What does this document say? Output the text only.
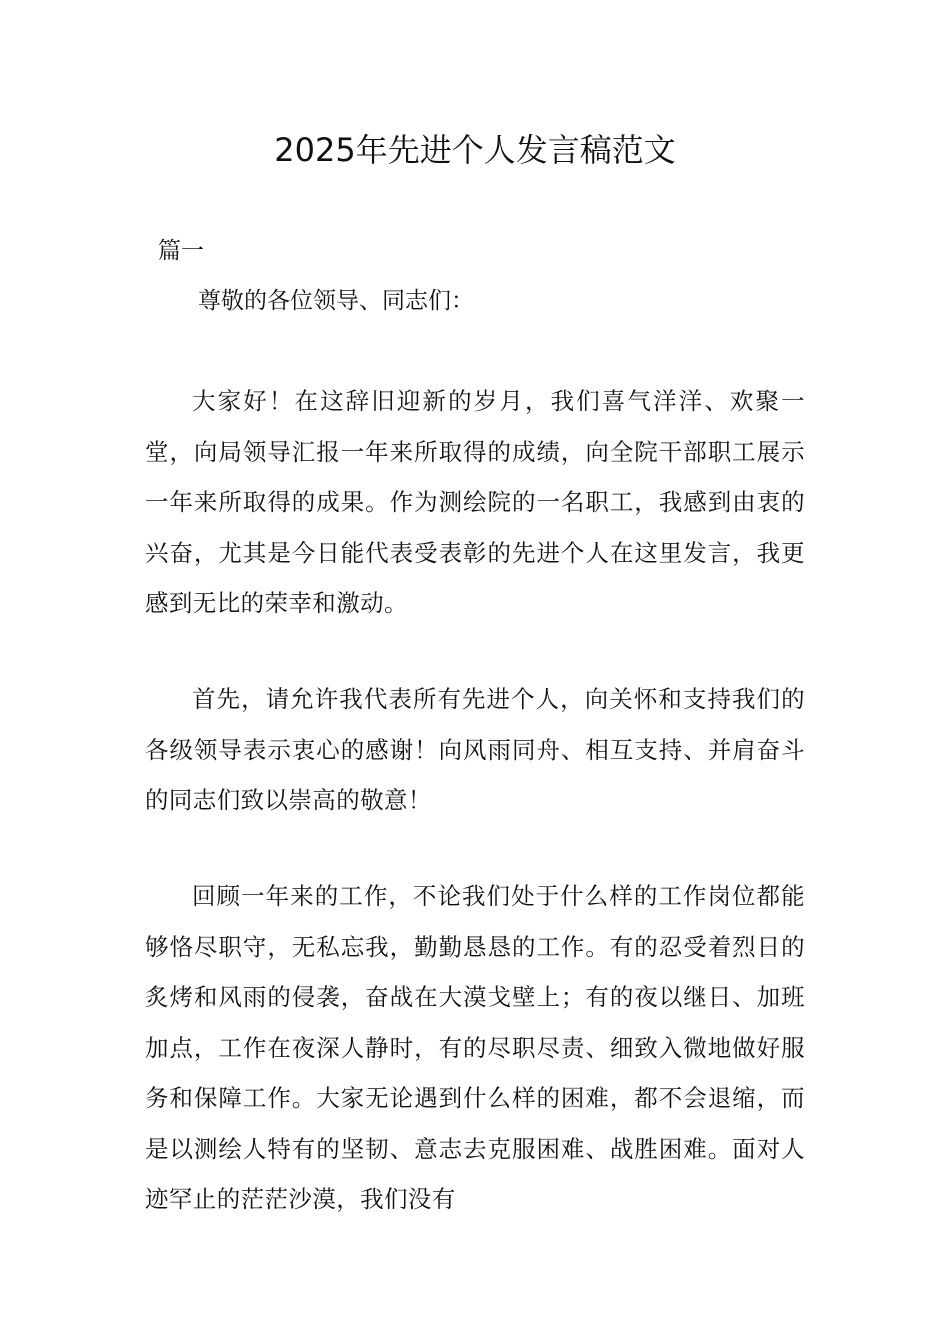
2025年先进个人发言稿范文
篇一
尊敬的各位领导、同志们：

大家好！在这辞旧迎新的岁月，我们喜气洋洋、欢聚一堂，向局领导汇报一年来所取得的成绩，向全院干部职工展示一年来所取得的成果。作为测绘院的一名职工，我感到由衷的兴奋，尤其是今日能代表受表彰的先进个人在这里发言，我更感到无比的荣幸和激动。

首先，请允许我代表所有先进个人，向关怀和支持我们的各级领导表示衷心的感谢！向风雨同舟、相互支持、并肩奋斗的同志们致以崇高的敬意！

回顾一年来的工作，不论我们处于什么样的工作岗位都能够恪尽职守，无私忘我，勤勤恳恳的工作。有的忍受着烈日的炙烤和风雨的侵袭，奋战在大漠戈壁上；有的夜以继日、加班加点，工作在夜深人静时，有的尽职尽责、细致入微地做好服务和保障工作。大家无论遇到什么样的困难，都不会退缩，而是以测绘人特有的坚韧、意志去克服困难、战胜困难。面对人迹罕止的茫茫沙漠，我们没有
